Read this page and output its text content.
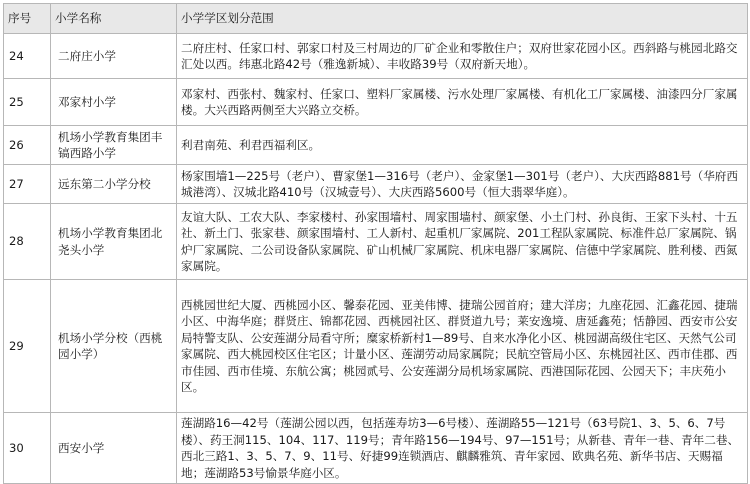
序号	小学名称	小学学区划分范围
24	二府庄小学	二府庄村、任家口村、郭家口村及三村周边的厂矿企业和零散住户；双府世家花园小区。西斜路与桃园北路交汇处以西。纬惠北路42号（雅逸新城）、丰收路39号（双府新天地）。
25	邓家村小学	邓家村、西张村、魏家村、任家口、塑料厂家属楼、污水处理厂家属楼、有机化工厂家属楼、油漆四分厂家属楼。大兴西路两侧至大兴路立交桥。
26	机场小学教育集团丰镐西路小学	利君南苑、利君西福利区。
27	远东第二小学分校	杨家围墙1—225号（老户）、曹家堡1—316号（老户）、金家堡1—301号（老户）、大庆西路881号（华府西城港湾）、汉城北路410号（汉城壹号）、大庆西路5600号（恒大翡翠华庭）。
28	机场小学教育集团北尧头小学	友谊大队、工农大队、李家楼村、孙家围墙村、周家围墙村、颜家堡、小土门村、孙良街、王家下头村、十五社、新土门、张家巷、颜家围墙村、工人新村、起重机厂家属院、201工程队家属院、标准件总厂家属院、锅炉厂家属院、二公司设备队家属院、矿山机械厂家属院、机床电器厂家属院、信德中学家属院、胜利楼、西氮家属院。
29	机场小学分校（西桃园小学）	西桃园世纪大厦、西桃园小区、馨泰花园、亚美伟博、捷瑞公园首府；建大洋房；九座花园、汇鑫花园、捷瑞小区、中海华庭；群贤庄、锦都花园、西桃园社区、群贤道九号；莱安逸境、唐延鑫苑；恬静园、西安市公安局特警支队、公安莲湖分局看守所；糜家桥新村1—89号、自来水净化小区、桃园湖高级住宅区、天然气公司家属院、西大桃园校区住宅区；计量小区、莲湖劳动局家属院；民航空管局小区、东桃园社区、西市佳郡、西市佳园、西市佳境、东航公寓；桃园贰号、公安莲湖分局机场家属院、西港国际花园、公园天下；丰庆苑小区。
30	西安小学	莲湖路16—42号（莲湖公园以西，包括莲寿坊3—6号楼）、莲湖路55—121号（63号院1、3、5、6、7号楼）、药王洞115、104、117、119号；青年路156—194号、97—151号；从新巷、青年一巷、青年二巷、西北三路1、3、5、7、9、11号、好捷99连锁酒店、麒麟雅筑、青年家园、欧典名苑、新华书店、天赐福地；莲湖路53号愉景华庭小区。
